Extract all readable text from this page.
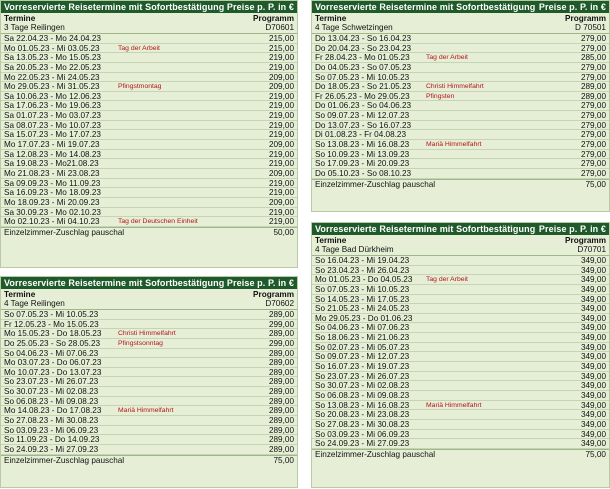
Vorreservierte Reisetermine mit Sofortbestätigung Preise p. P. in €
Termine
3 Tage Reilingen
Programm
D70601
Sa 22.04.23 - Mo 24.04.23	215,00
Mo 01.05.23 - Mi 03.05.23	Tag der Arbeit	215,00
Sa 13.05.23 - Mo 15.05.23	219,00
Sa 20.05.23 - Mo 22.05.23	219,00
Mo 22.05.23 - Mi 24.05.23	209,00
Mo 29.05.23 - Mi 31.05.23	Pfingstmontag	209,00
Sa 10.06.23 - Mo 12.06.23	219,00
Sa 17.06.23 - Mo 19.06.23	219,00
Sa 01.07.23 - Mo 03.07.23	219,00
Sa 08.07.23 - Mo 10.07.23	219,00
Sa 15.07.23 - Mo 17.07.23	219,00
Mo 17.07.23 - Mi 19.07.23	209,00
Sa 12.08.23 - Mo 14.08.23	219,00
Sa 19.08.23 - Mo21.08.23	219,00
Mo 21.08.23 - Mi 23.08.23	209,00
Sa 09.09.23 - Mo 11.09.23	219,00
Sa 16.09.23 - Mo 18.09.23	219,00
Mo 18.09.23 - Mi 20.09.23	209,00
Sa 30.09.23 - Mo 02.10.23	219,00
Mo 02.10.23 - Mi 04.10.23	Tag der Deutschen Einheit	219,00
Einzelzimmer-Zuschlag pauschal	50,00
Vorreservierte Reisetermine mit Sofortbestätigung Preise p. P. in €
Termine
4 Tage Schwetzingen
Programm
D 70501
Do 13.04.23 - So 16.04.23	279,00
Do 20.04.23 - So 23.04.23	279,00
Fr 28.04.23 - Mo 01.05.23 Tag der Arbeit	285,00
Do 04.05.23 - So 07.05.23	279,00
So 07.05.23 - Mi 10.05.23	279,00
Do 18.05.23 - So 21.05.23 Christi Himmelfahrt	289,00
Fr 26.05.23 - Mo 29.05.23 Pfingsten	289,00
Do 01.06.23 - So 04.06.23	279,00
So 09.07.23 - Mi 12.07.23	279,00
Do 13.07.23 - So 16.07.23	279,00
Di 01.08.23 - Fr 04.08.23	279,00
So 13.08.23 - Mi 16.08.23 Mariä Himmelfahrt	279,00
So 10.09.23 - Mi 13.09.23	279,00
So 17.09.23 - Mi 20.09.23	279,00
Do 05.10.23 - So 08.10.23	279,00
Einzelzimmer-Zuschlag pauschal	75,00
Vorreservierte Reisetermine mit Sofortbestätigung Preise p. P. in €
Termine
4 Tage Reilingen
Programm
D70602
So 07.05.23 - Mi 10.05.23	289,00
Fr 12.05.23 - Mo 15.05.23	299,00
Mo 15.05.23 - Do 18.05.23 Christi Himmelfahrt	289,00
Do 25.05.23 - So 28.05.23	Pfingstsonntag	299,00
So 04.06.23 - Mi 07.06.23	289,00
Mo 03.07.23 - Do 06.07.23	289,00
Mo 10.07.23 - Do 13.07.23	289,00
So 23.07.23 - Mi 26.07.23	289,00
So 30.07.23 - Mi 02.08.23	289,00
So 06.08.23 - Mi 09.08.23	289,00
Mo 14.08.23 - Do 17.08.23 Mariä Himmelfahrt	289,00
So 27.08.23 - Mi 30.08.23	289,00
So 03.09.23 - Mi 06.09.23	289,00
So 11.09.23 - Do 14.09.23	289,00
So 24.09.23 - Mi 27.09.23	289,00
Einzelzimmer-Zuschlag pauschal	75,00
Vorreservierte Reisetermine mit Sofortbestätigung Preise p. P. in €
Termine
4 Tage Bad Dürkheim
Programm
D70701
So 16.04.23 - Mi 19.04.23	349,00
So 23.04.23 - Mi 26.04.23	349,00
Mo 01.05.23 - Do 04.05.23 Tag der Arbeit	349,00
So 07.05.23 - Mi 10.05.23	349,00
So 14.05.23 - Mi 17.05.23	349,00
So 21.05.23 - Mi 24.05.23	349,00
Mo 29.05.23 - Do 01.06.23	349,00
So 04.06.23 - Mi 07.06.23	349,00
So 18.06.23 - Mi 21.06.23	349,00
So 02.07.23 - Mi 05.07.23	349,00
So 09.07.23 - Mi 12.07.23	349,00
So 16.07.23 - Mi 19.07.23	349,00
So 23.07.23 - Mi 26.07.23	349,00
So 30.07.23 - Mi 02.08.23	349,00
So 06.08.23 - Mi 09.08.23	349,00
So 13.08.23 - Mi 16.08.23 Mariä Himmelfahrt	349,00
So 20.08.23 - Mi 23.08.23	349,00
So 27.08.23 - Mi 30.08.23	349,00
So 03.09.23 - Mi 06.09.23	349,00
So 24.09.23 - Mi 27.09.23	349,00
Einzelzimmer-Zuschlag pauschal	75,00
